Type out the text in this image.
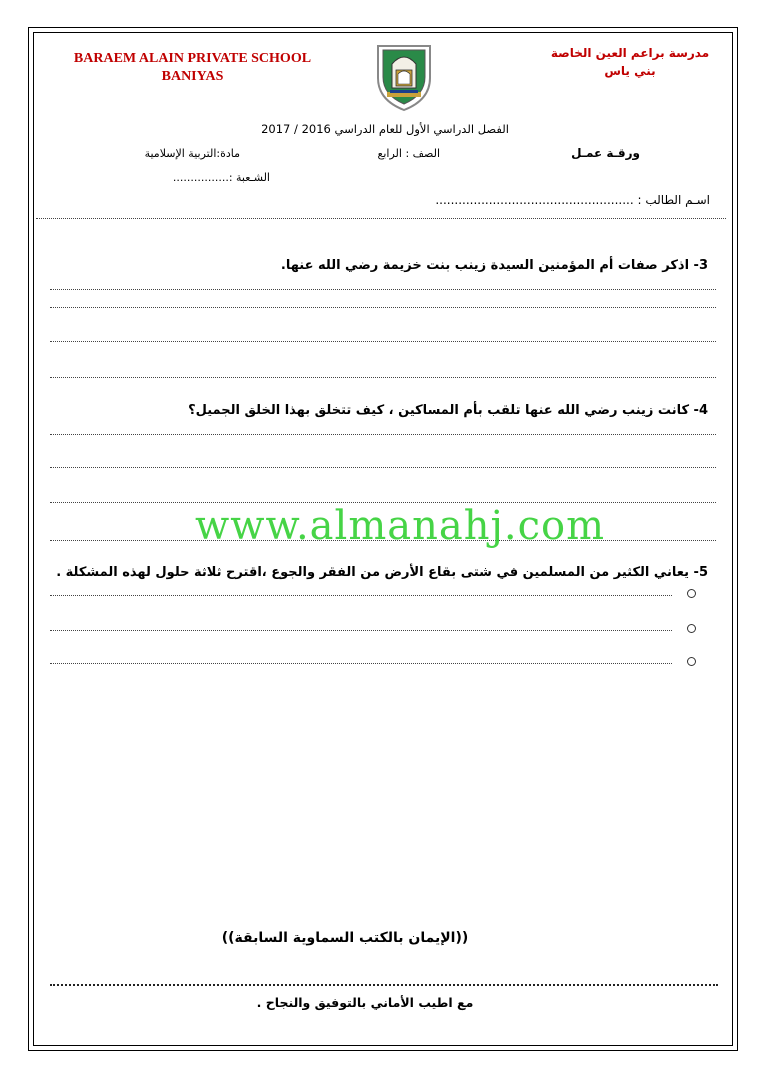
BARAEM ALAIN PRIVATE SCHOOL
BANIYAS
مدرسة براعم العين الخاصة
بني ياس
الفصل الدراسي الأول للعام الدراسي 2016 / 2017
ورقـة عمـل
الصف : الرابع
مادة:التربية الإسلامية
الشـعبة :................
اسـم الطالب : ....................................................
3- اذكر صفات أم المؤمنين السيدة زينب بنت خزيمة رضي الله عنها.
4- كانت زينب رضي الله عنها تلقب بأم المساكين ، كيف تتخلق بهذا الخلق الجميل؟
www.almanahj.com
5- يعاني الكثير من المسلمين في شتى بقاع الأرض من الفقر والجوع ،اقترح ثلاثة حلول لهذه المشكلة .
((الإيمان بالكتب السماوية السابقة))
مع اطيب الأماني بالتوفيق والنجاح .
